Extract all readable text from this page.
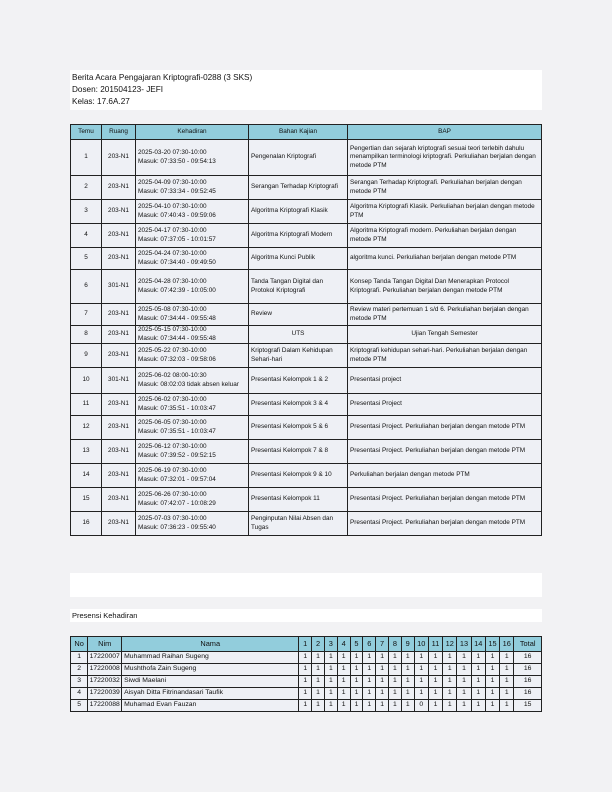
Berita Acara Pengajaran Kriptografi-0288 (3 SKS)
Dosen: 201504123- JEFI
Kelas: 17.6A.27
Temu	Ruang	Kehadiran	Bahan Kajian	BAP
1	203-N1	2025-03-20 07:30-10:00
Masuk: 07:33:50 - 09:54:13	Pengenalan Kriptografi	Pengertian dan sejarah kriptografi sesuai teori terlebih dahulu menampilkan terminologi kriptografi. Perkuliahan berjalan dengan metode PTM
2	203-N1	2025-04-09 07:30-10:00
Masuk: 07:33:34 - 09:52:45	Serangan Terhadap Kriptografi	Serangan Terhadap Kriptografi. Perkuliahan berjalan dengan metode PTM
3	203-N1	2025-04-10 07:30-10:00
Masuk: 07:40:43 - 09:59:06	Algoritma Kriptografi Klasik	Algoritma Kriptografi Klasik. Perkuliahan berjalan dengan metode PTM
4	203-N1	2025-04-17 07:30-10:00
Masuk: 07:37:05 - 10:01:57	Algoritma Kriptografi Modern	Algoritma Kriptografi modern. Perkuliahan berjalan dengan metode PTM
5	203-N1	2025-04-24 07:30-10:00
Masuk: 07:34:40 - 09:49:50	Algoritma Kunci Publik	algoritma kunci. Perkuliahan berjalan dengan metode PTM
6	301-N1	2025-04-28 07:30-10:00
Masuk: 07:42:39 - 10:05:00	Tanda Tangan Digital dan Protokol Kriptografi	Konsep Tanda Tangan Digital Dan Menerapkan Protocol Kriptografi. Perkuliahan berjalan dengan metode PTM
7	203-N1	2025-05-08 07:30-10:00
Masuk: 07:34:44 - 09:55:48	Review	Review materi pertemuan 1 s/d 6. Perkuliahan berjalan dengan metode PTM
8	203-N1	2025-05-15 07:30-10:00
Masuk: 07:34:44 - 09:55:48	UTS	Ujian Tengah Semester
9	203-N1	2025-05-22 07:30-10:00
Masuk: 07:32:03 - 09:58:06	Kriptografi Dalam Kehidupan Sehari-hari	Kriptografi kehidupan sehari-hari. Perkuliahan berjalan dengan metode PTM
10	301-N1	2025-06-02 08:00-10:30
Masuk: 08:02:03 tidak absen keluar	Presentasi Kelompok 1 & 2	Presentasi project
11	203-N1	2025-06-02 07:30-10:00
Masuk: 07:35:51 - 10:03:47	Presentasi Kelompok 3 & 4	Presentasi Project
12	203-N1	2025-06-05 07:30-10:00
Masuk: 07:35:51 - 10:03:47	Presentasi Kelompok 5 & 6	Presentasi Project. Perkuliahan berjalan dengan metode PTM
13	203-N1	2025-06-12 07:30-10:00
Masuk: 07:39:52 - 09:52:15	Presentasi Kelompok 7 & 8	Presentasi Project. Perkuliahan berjalan dengan metode PTM
14	203-N1	2025-06-19 07:30-10:00
Masuk: 07:32:01 - 09:57:04	Presentasi Kelompok 9 & 10	Perkuliahan berjalan dengan metode PTM
15	203-N1	2025-06-26 07:30-10:00
Masuk: 07:42:07 - 10:08:29	Presentasi Kelompok 11	Presentasi Project. Perkuliahan berjalan dengan metode PTM
16	203-N1	2025-07-03 07:30-10:00
Masuk: 07:36:23 - 09:55:40	Penginputan Nilai Absen dan Tugas	Presentasi Project. Perkuliahan berjalan dengan metode PTM
Presensi Kehadiran
No	Nim	Nama	1	2	3	4	5	6	7	8	9	10	11	12	13	14	15	16	Total
1	17220007	Muhammad Raihan Sugeng	1	1	1	1	1	1	1	1	1	1	1	1	1	1	1	1	16
2	17220008	Mushthofa Zain Sugeng	1	1	1	1	1	1	1	1	1	1	1	1	1	1	1	1	16
3	17220032	Siwdi Maelani	1	1	1	1	1	1	1	1	1	1	1	1	1	1	1	1	16
4	17220039	Aisyah Ditta Fitrinandasari Taufik	1	1	1	1	1	1	1	1	1	1	1	1	1	1	1	1	16
5	17220088	Muhamad Evan Fauzan	1	1	1	1	1	1	1	1	1	0	1	1	1	1	1	1	15
